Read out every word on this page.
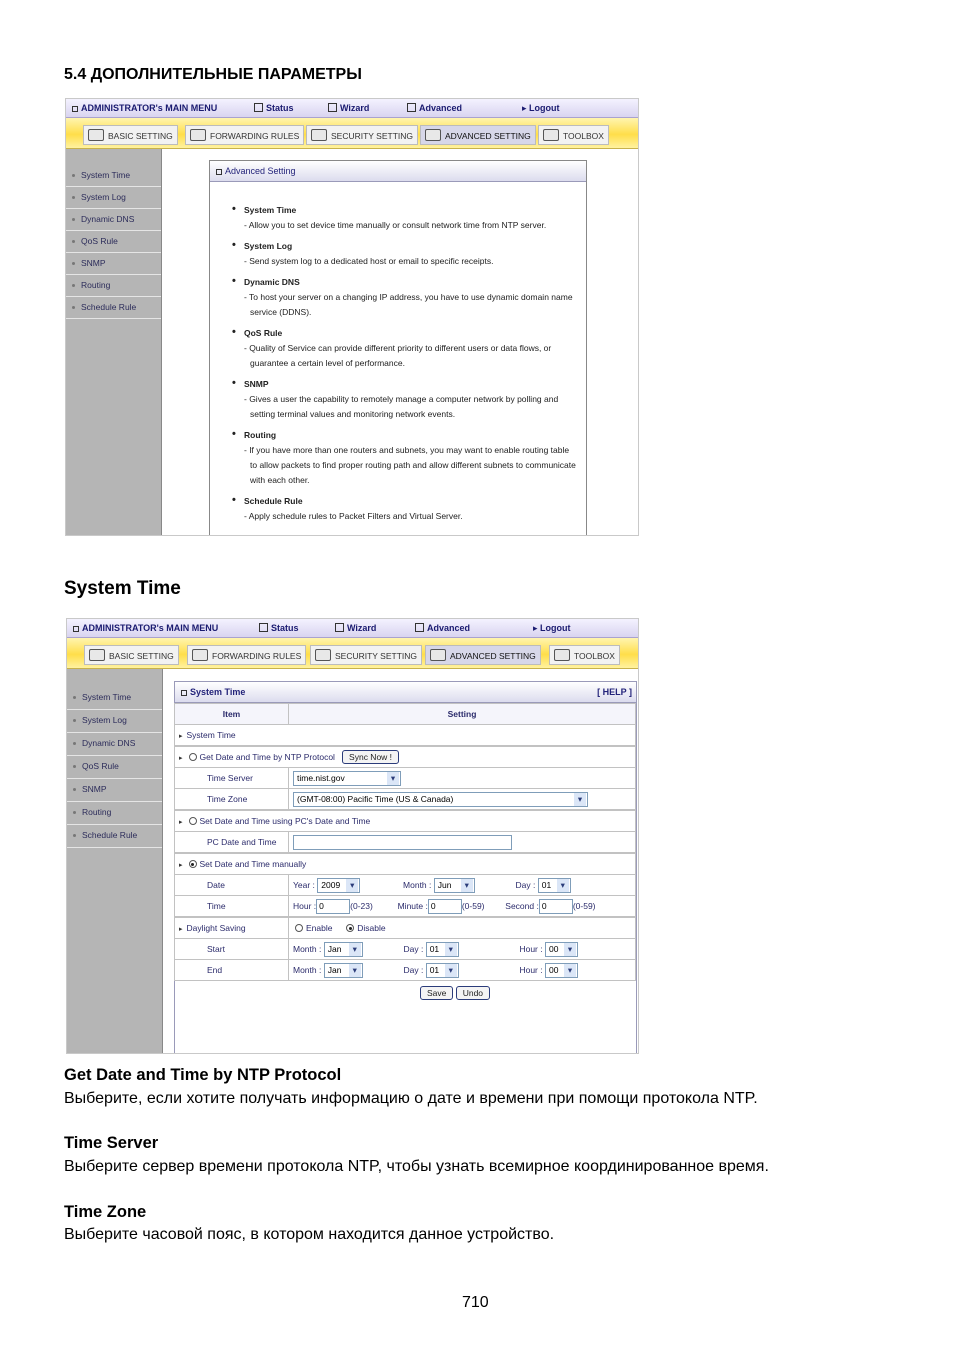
5.4 ДОПОЛНИТЕЛЬНЫЕ ПАРАМЕТРЫ
ADMINISTRATOR's MAIN MENU	Status	Wizard	Advanced	▸ Logout
BASIC SETTING	FORWARDING RULES	SECURITY SETTING	ADVANCED SETTING	TOOLBOX
System Time
System Log
Dynamic DNS
QoS Rule
SNMP
Routing
Schedule Rule
Advanced Setting
• System Time
- Allow you to set device time manually or consult network time from NTP server.
• System Log
- Send system log to a dedicated host or email to specific receipts.
• Dynamic DNS
- To host your server on a changing IP address, you have to use dynamic domain name service (DDNS).
• QoS Rule
- Quality of Service can provide different priority to different users or data flows, or guarantee a certain level of performance.
• SNMP
- Gives a user the capability to remotely manage a computer network by polling and setting terminal values and monitoring network events.
• Routing
- If you have more than one routers and subnets, you may want to enable routing table to allow packets to find proper routing path and allow different subnets to communicate with each other.
• Schedule Rule
- Apply schedule rules to Packet Filters and Virtual Server.
System Time
ADMINISTRATOR's MAIN MENU	Status	Wizard	Advanced	▸ Logout
BASIC SETTING	FORWARDING RULES	SECURITY SETTING	ADVANCED SETTING	TOOLBOX
System Time
System Log
Dynamic DNS
QoS Rule
SNMP
Routing
Schedule Rule
System Time	[ HELP ]
Item	Setting
▸ System Time	
▸ Get Date and Time by NTP Protocol Sync Now !	
Time Server	time.nist.gov ▾
Time Zone	(GMT-08:00) Pacific Time (US & Canada) ▾
▸ Set Date and Time using PC's Date and Time	
PC Date and Time	
▸ Set Date and Time manually	
Date	Year : 2009 ▾ Month : Jun ▾ Day : 01 ▾
Time	Hour : 0 (0-23) Minute : 0 (0-59) Second : 0 (0-59)
▸ Daylight Saving	Enable Disable
Start	Month : Jan ▾ Day : 01 ▾ Hour : 00 ▾
End	Month : Jan ▾ Day : 01 ▾ Hour : 00 ▾
Save Undo	
Get Date and Time by NTP Protocol
Выберите, если хотите получать информацию о дате и времени при помощи протокола NTP.
Time Server
Выберите сервер времени протокола NTP, чтобы узнать всемирное координированное время.
Time Zone
Выберите часовой пояс, в котором находится данное устройство.
710
